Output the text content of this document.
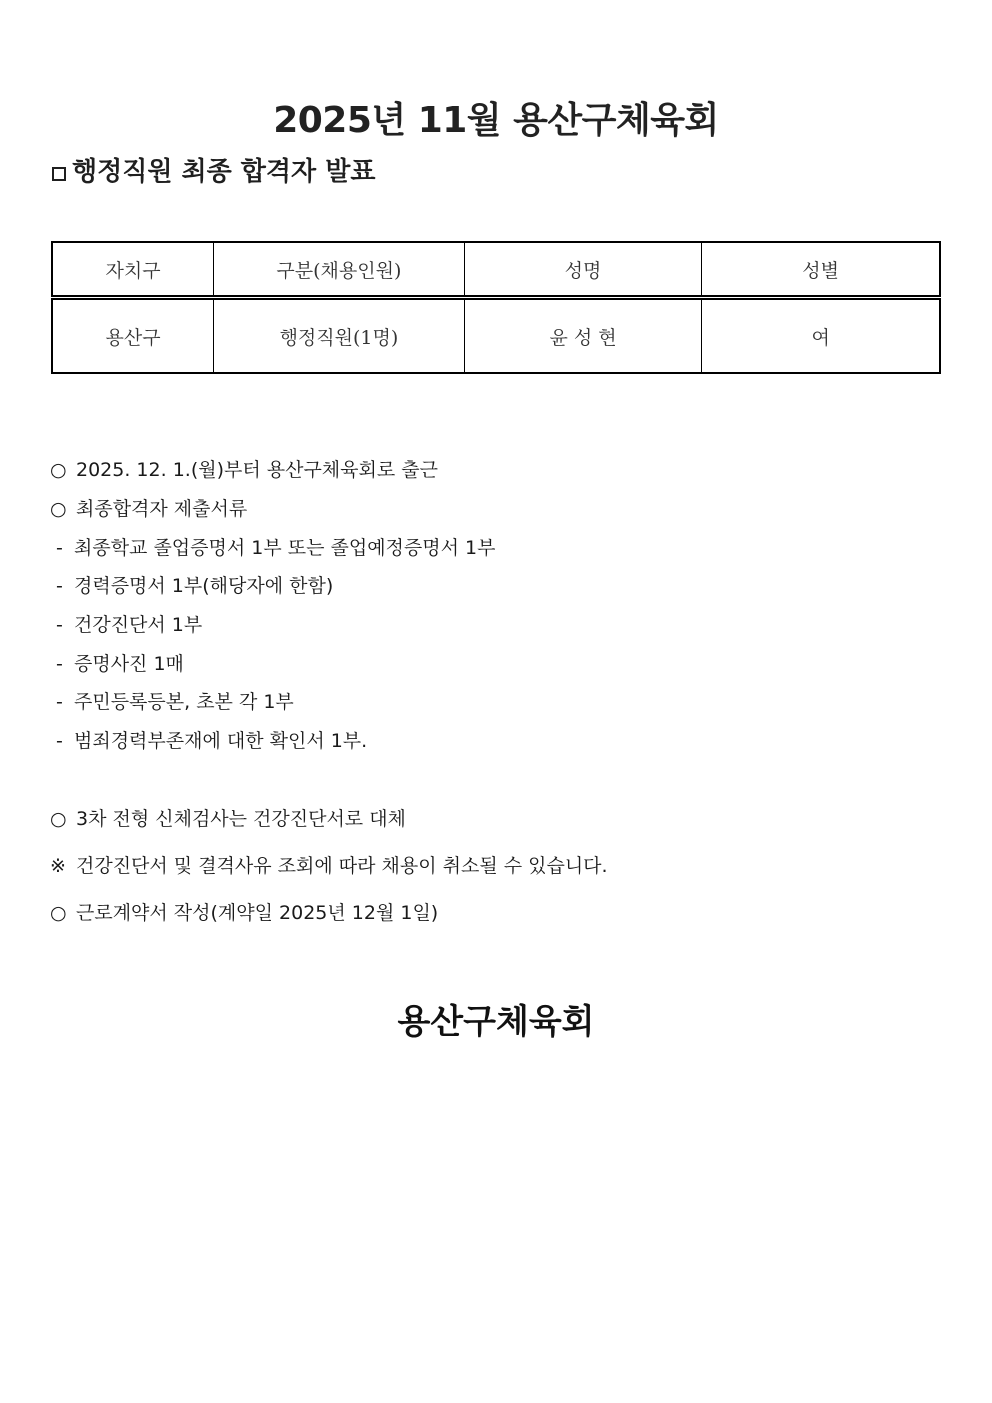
2025년 11월 용산구체육회
행정직원 최종 합격자 발표
자치구	구분(채용인원)	성명	성별
용산구	행정직원(1명)	윤 성 현	여
○ 2025. 12. 1.(월)부터 용산구체육회로 출근
○ 최종합격자 제출서류
- 최종학교 졸업증명서 1부 또는 졸업예정증명서 1부
- 경력증명서 1부(해당자에 한함)
- 건강진단서 1부
- 증명사진 1매
- 주민등록등본, 초본 각 1부
- 범죄경력부존재에 대한 확인서 1부.
○ 3차 전형 신체검사는 건강진단서로 대체
※ 건강진단서 및 결격사유 조회에 따라 채용이 취소될 수 있습니다.
○ 근로계약서 작성(계약일 2025년 12월 1일)
용산구체육회
